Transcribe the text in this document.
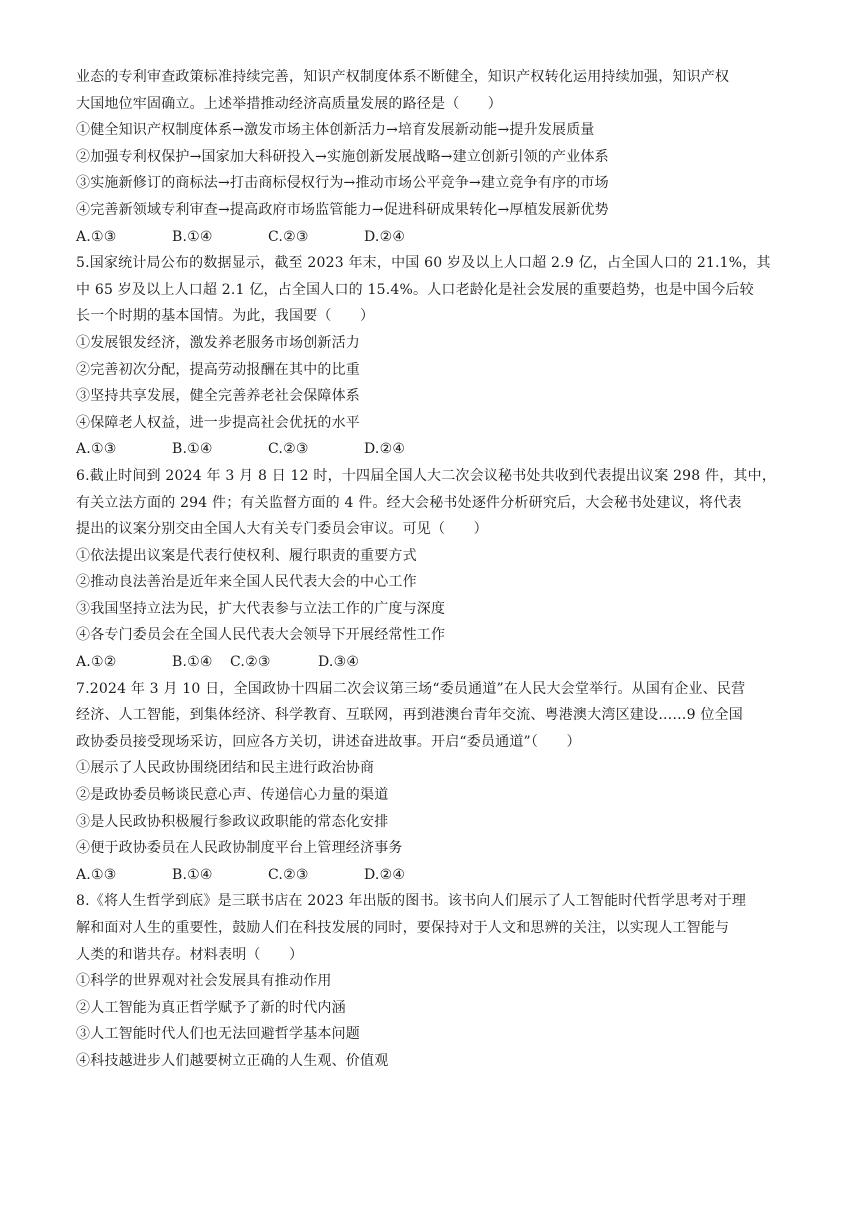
业态的专利审查政策标准持续完善，知识产权制度体系不断健全，知识产权转化运用持续加强，知识产权
大国地位牢固确立。上述举措推动经济高质量发展的路径是（　　）
①健全知识产权制度体系→激发市场主体创新活力→培育发展新动能→提升发展质量
②加强专利权保护→国家加大科研投入→实施创新发展战略→建立创新引领的产业体系
③实施新修订的商标法→打击商标侵权行为→推动市场公平竞争→建立竞争有序的市场
④完善新领域专利审查→提高政府市场监管能力→促进科研成果转化→厚植发展新优势
A.①③	B.①④	C.②③	D.②④
5.国家统计局公布的数据显示，截至 2023 年末，中国 60 岁及以上人口超 2.9 亿，占全国人口的 21.1%，其
中 65 岁及以上人口超 2.1 亿，占全国人口的 15.4%。人口老龄化是社会发展的重要趋势，也是中国今后较
长一个时期的基本国情。为此，我国要（　　）
①发展银发经济，激发养老服务市场创新活力
②完善初次分配，提高劳动报酬在其中的比重
③坚持共享发展，健全完善养老社会保障体系
④保障老人权益，进一步提高社会优抚的水平
A.①③	B.①④	C.②③	D.②④
6.截止时间到 2024 年 3 月 8 日 12 时，十四届全国人大二次会议秘书处共收到代表提出议案 298 件，其中，
有关立法方面的 294 件；有关监督方面的 4 件。经大会秘书处逐件分析研究后，大会秘书处建议，将代表
提出的议案分别交由全国人大有关专门委员会审议。可见（　　）
①依法提出议案是代表行使权利、履行职责的重要方式
②推动良法善治是近年来全国人民代表大会的中心工作
③我国坚持立法为民，扩大代表参与立法工作的广度与深度
④各专门委员会在全国人民代表大会领导下开展经常性工作
A.①②	B.①④	C.②③	D.③④
7.2024 年 3 月 10 日，全国政协十四届二次会议第三场“委员通道”在人民大会堂举行。从国有企业、民营
经济、人工智能，到集体经济、科学教育、互联网，再到港澳台青年交流、粤港澳大湾区建设……9 位全国
政协委员接受现场采访，回应各方关切，讲述奋进故事。开启“委员通道”（　　）
①展示了人民政协围绕团结和民主进行政治协商
②是政协委员畅谈民意心声、传递信心力量的渠道
③是人民政协积极履行参政议政职能的常态化安排
④便于政协委员在人民政协制度平台上管理经济事务
A.①③	B.①④	C.②③	D.②④
8.《将人生哲学到底》是三联书店在 2023 年出版的图书。该书向人们展示了人工智能时代哲学思考对于理
解和面对人生的重要性，鼓励人们在科技发展的同时，要保持对于人文和思辨的关注，以实现人工智能与
人类的和谐共存。材料表明（　　）
①科学的世界观对社会发展具有推动作用
②人工智能为真正哲学赋予了新的时代内涵
③人工智能时代人们也无法回避哲学基本问题
④科技越进步人们越要树立正确的人生观、价值观
